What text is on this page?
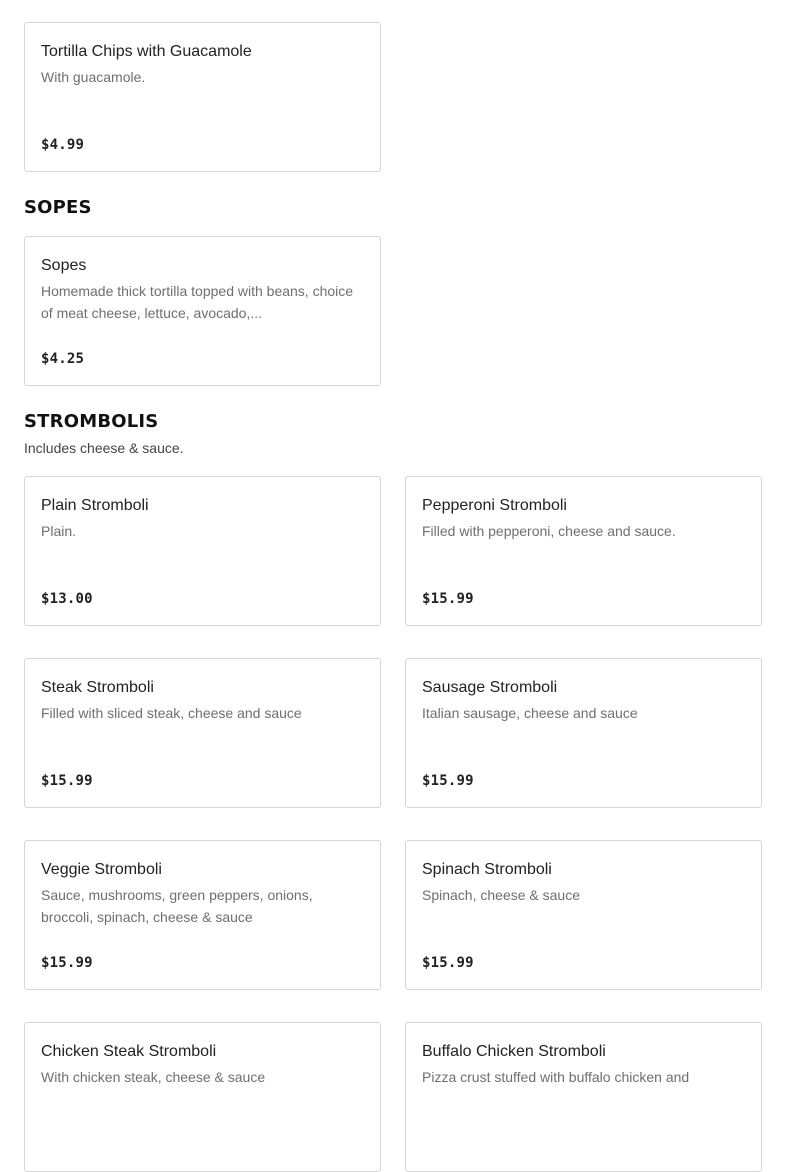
Tortilla Chips with Guacamole
With guacamole.
$4.99
SOPES
Sopes
Homemade thick tortilla topped with beans, choice of meat cheese, lettuce, avocado,...
$4.25
STROMBOLIS

Includes cheese & sauce.

Plain Stromboli
Plain.
$13.00
Pepperoni Stromboli
Filled with pepperoni, cheese and sauce.
$15.99
Steak Stromboli
Filled with sliced steak, cheese and sauce
$15.99
Sausage Stromboli
Italian sausage, cheese and sauce
$15.99
Veggie Stromboli
Sauce, mushrooms, green peppers, onions, broccoli, spinach, cheese & sauce
$15.99
Spinach Stromboli
Spinach, cheese & sauce
$15.99
Chicken Steak Stromboli
With chicken steak, cheese & sauce
Buffalo Chicken Stromboli
Pizza crust stuffed with buffalo chicken and
